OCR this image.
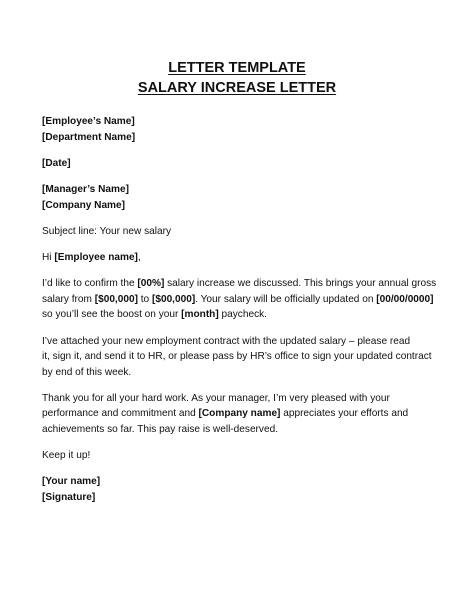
LETTER TEMPLATE
SALARY INCREASE LETTER
[Employee’s Name]
[Department Name]
[Date]
[Manager’s Name]
[Company Name]
Subject line: Your new salary
Hi [Employee name],
I’d like to confirm the [00%] salary increase we discussed. This brings your annual gross
salary from [$00,000] to [$00,000]. Your salary will be officially updated on [00/00/0000]
so you’ll see the boost on your [month] paycheck.
I’ve attached your new employment contract with the updated salary – please read
it, sign it, and send it to HR, or please pass by HR’s office to sign your updated contract
by end of this week.
Thank you for all your hard work. As your manager, I’m very pleased with your
performance and commitment and [Company name] appreciates your efforts and
achievements so far. This pay raise is well-deserved.
Keep it up!
[Your name]
[Signature]
